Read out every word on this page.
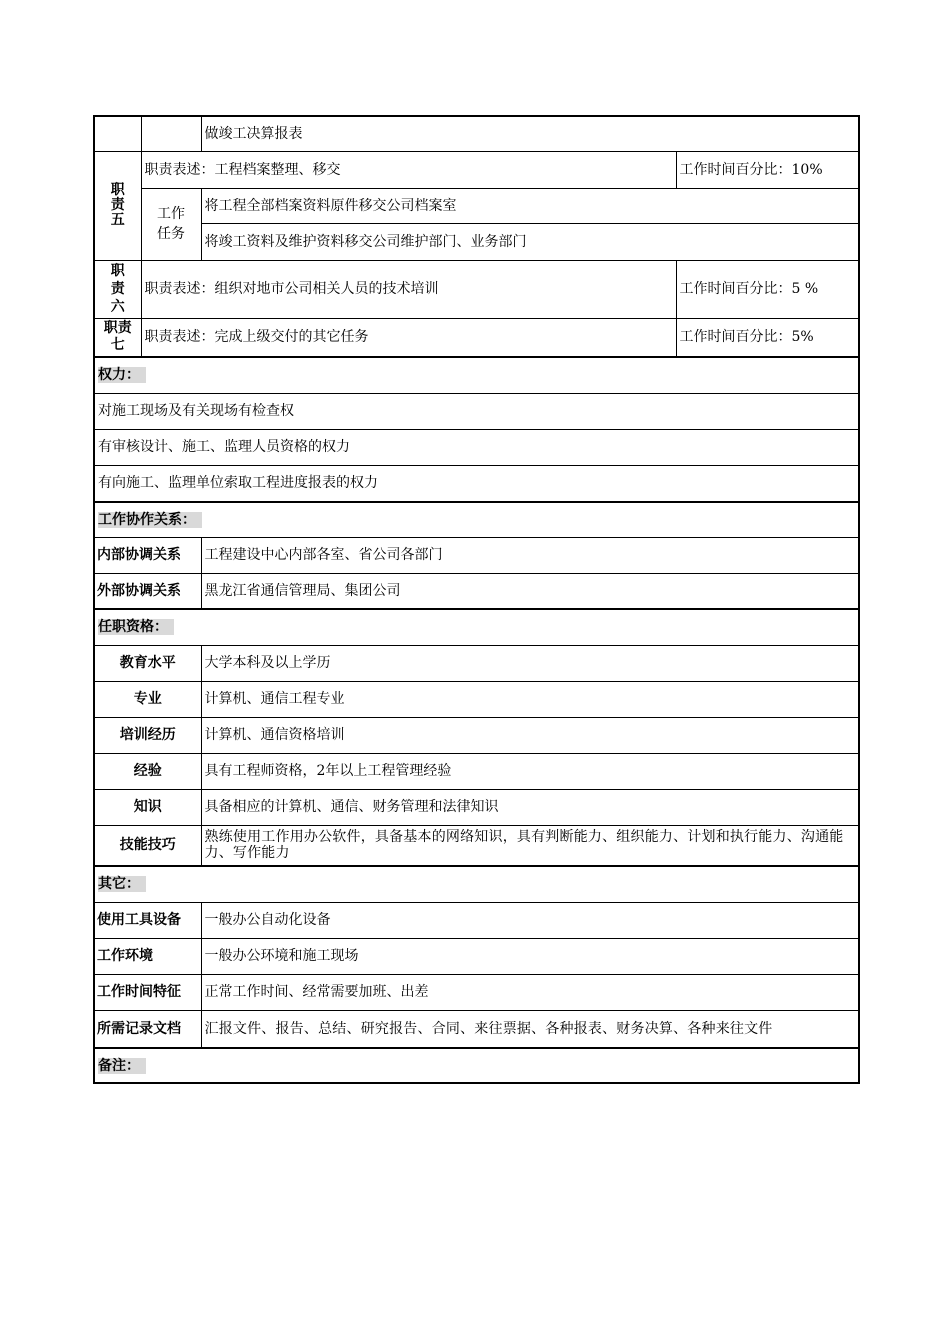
		做竣工决算报表	
职责五	职责表述：工程档案整理、移交		工作时间百分比：10%
	工作任务	将工程全部档案资料原件移交公司档案室	
		将竣工资料及维护资料移交公司维护部门、业务部门	
职责六	职责表述：组织对地市公司相关人员的技术培训		工作时间百分比：5 %
职责七	职责表述：完成上级交付的其它任务		工作时间百分比：5%
权力：			
对施工现场及有关现场有检查权			
有审核设计、施工、监理人员资格的权力			
有向施工、监理单位索取工程进度报表的权力			
工作协作关系：			
内部协调关系		工程建设中心内部各室、省公司各部门	
外部协调关系		黑龙江省通信管理局、集团公司	
任职资格：			
教育水平		大学本科及以上学历	
专业		计算机、通信工程专业	
培训经历		计算机、通信资格培训	
经验		具有工程师资格，2年以上工程管理经验	
知识		具备相应的计算机、通信、财务管理和法律知识	
技能技巧		熟练使用工作用办公软件，具备基本的网络知识，具有判断能力、组织能力、计划和执行能力、沟通能力、写作能力	
其它：			
使用工具设备		一般办公自动化设备	
工作环境		一般办公环境和施工现场	
工作时间特征		正常工作时间、经常需要加班、出差	
所需记录文档		汇报文件、报告、总结、研究报告、合同、来往票据、各种报表、财务决算、各种来往文件	
备注：			
